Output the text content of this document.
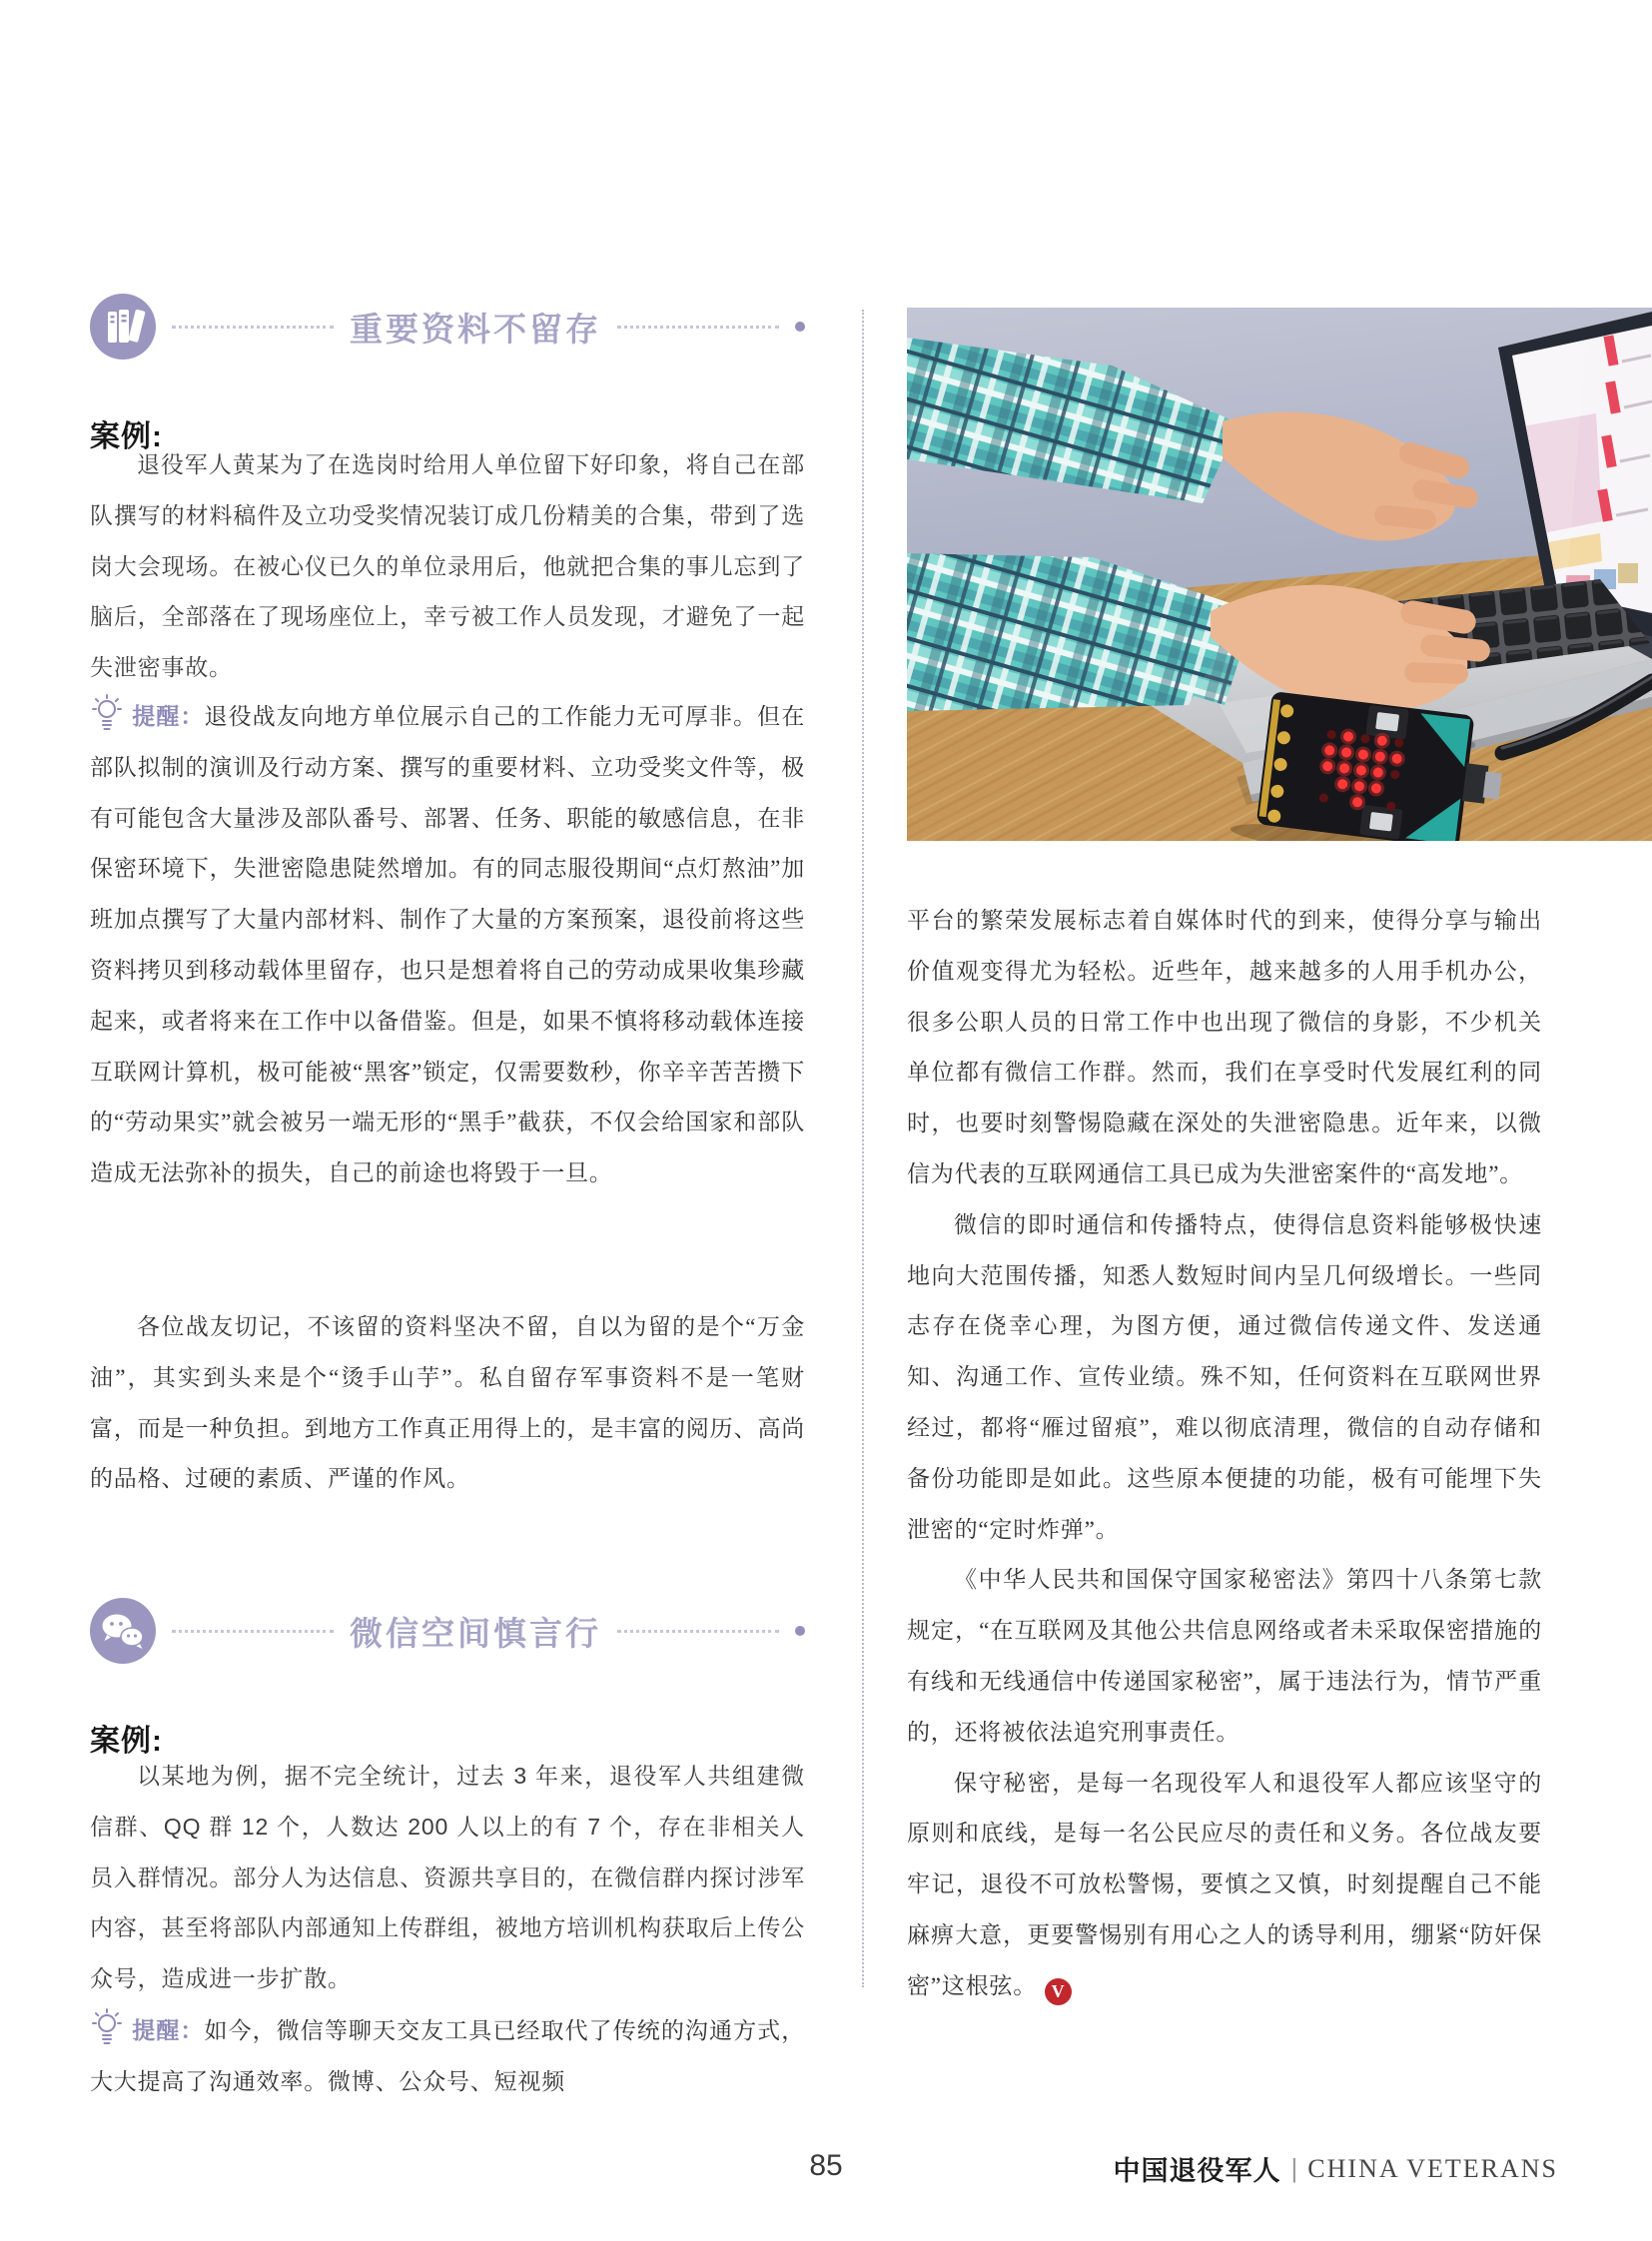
重要资料不留存
案例:

退役军人黄某为了在选岗时给用人单位留下好印象，将自己在部队撰写的材料稿件及立功受奖情况装订成几份精美的合集，带到了选岗大会现场。在被心仪已久的单位录用后，他就把合集的事儿忘到了脑后，全部落在了现场座位上，幸亏被工作人员发现，才避免了一起失泄密事故。

提醒：退役战友向地方单位展示自己的工作能力无可厚非。但在部队拟制的演训及行动方案、撰写的重要材料、立功受奖文件等，极有可能包含大量涉及部队番号、部署、任务、职能的敏感信息，在非保密环境下，失泄密隐患陡然增加。有的同志服役期间“点灯熬油”加班加点撰写了大量内部材料、制作了大量的方案预案，退役前将这些资料拷贝到移动载体里留存，也只是想着将自己的劳动成果收集珍藏起来，或者将来在工作中以备借鉴。但是，如果不慎将移动载体连接互联网计算机，极可能被“黑客”锁定，仅需要数秒，你辛辛苦苦攒下的“劳动果实”就会被另一端无形的“黑手”截获，不仅会给国家和部队造成无法弥补的损失，自己的前途也将毁于一旦。

各位战友切记，不该留的资料坚决不留，自以为留的是个“万金油”，其实到头来是个“烫手山芋”。私自留存军事资料不是一笔财富，而是一种负担。到地方工作真正用得上的，是丰富的阅历、高尚的品格、过硬的素质、严谨的作风。

微信空间慎言行
案例:

以某地为例，据不完全统计，过去 3 年来，退役军人共组建微信群、QQ 群 12 个，人数达 200 人以上的有 7 个，存在非相关人员入群情况。部分人为达信息、资源共享目的，在微信群内探讨涉军内容，甚至将部队内部通知上传群组，被地方培训机构获取后上传公众号，造成进一步扩散。

提醒：如今，微信等聊天交友工具已经取代了传统的沟通方式，大大提高了沟通效率。微博、公众号、短视频

平台的繁荣发展标志着自媒体时代的到来，使得分享与输出价值观变得尤为轻松。近些年，越来越多的人用手机办公，很多公职人员的日常工作中也出现了微信的身影，不少机关单位都有微信工作群。然而，我们在享受时代发展红利的同时，也要时刻警惕隐藏在深处的失泄密隐患。近年来，以微信为代表的互联网通信工具已成为失泄密案件的“高发地”。

微信的即时通信和传播特点，使得信息资料能够极快速地向大范围传播，知悉人数短时间内呈几何级增长。一些同志存在侥幸心理，为图方便，通过微信传递文件、发送通知、沟通工作、宣传业绩。殊不知，任何资料在互联网世界经过，都将“雁过留痕”，难以彻底清理，微信的自动存储和备份功能即是如此。这些原本便捷的功能，极有可能埋下失泄密的“定时炸弹”。

《中华人民共和国保守国家秘密法》第四十八条第七款规定，“在互联网及其他公共信息网络或者未采取保密措施的有线和无线通信中传递国家秘密”，属于违法行为，情节严重的，还将被依法追究刑事责任。

保守秘密，是每一名现役军人和退役军人都应该坚守的原则和底线，是每一名公民应尽的责任和义务。各位战友要牢记，退役不可放松警惕，要慎之又慎，时刻提醒自己不能麻痹大意，更要警惕别有用心之人的诱导利用，绷紧“防奸保密”这根弦。 V

85	中国退役军人 | CHINA VETERANS
